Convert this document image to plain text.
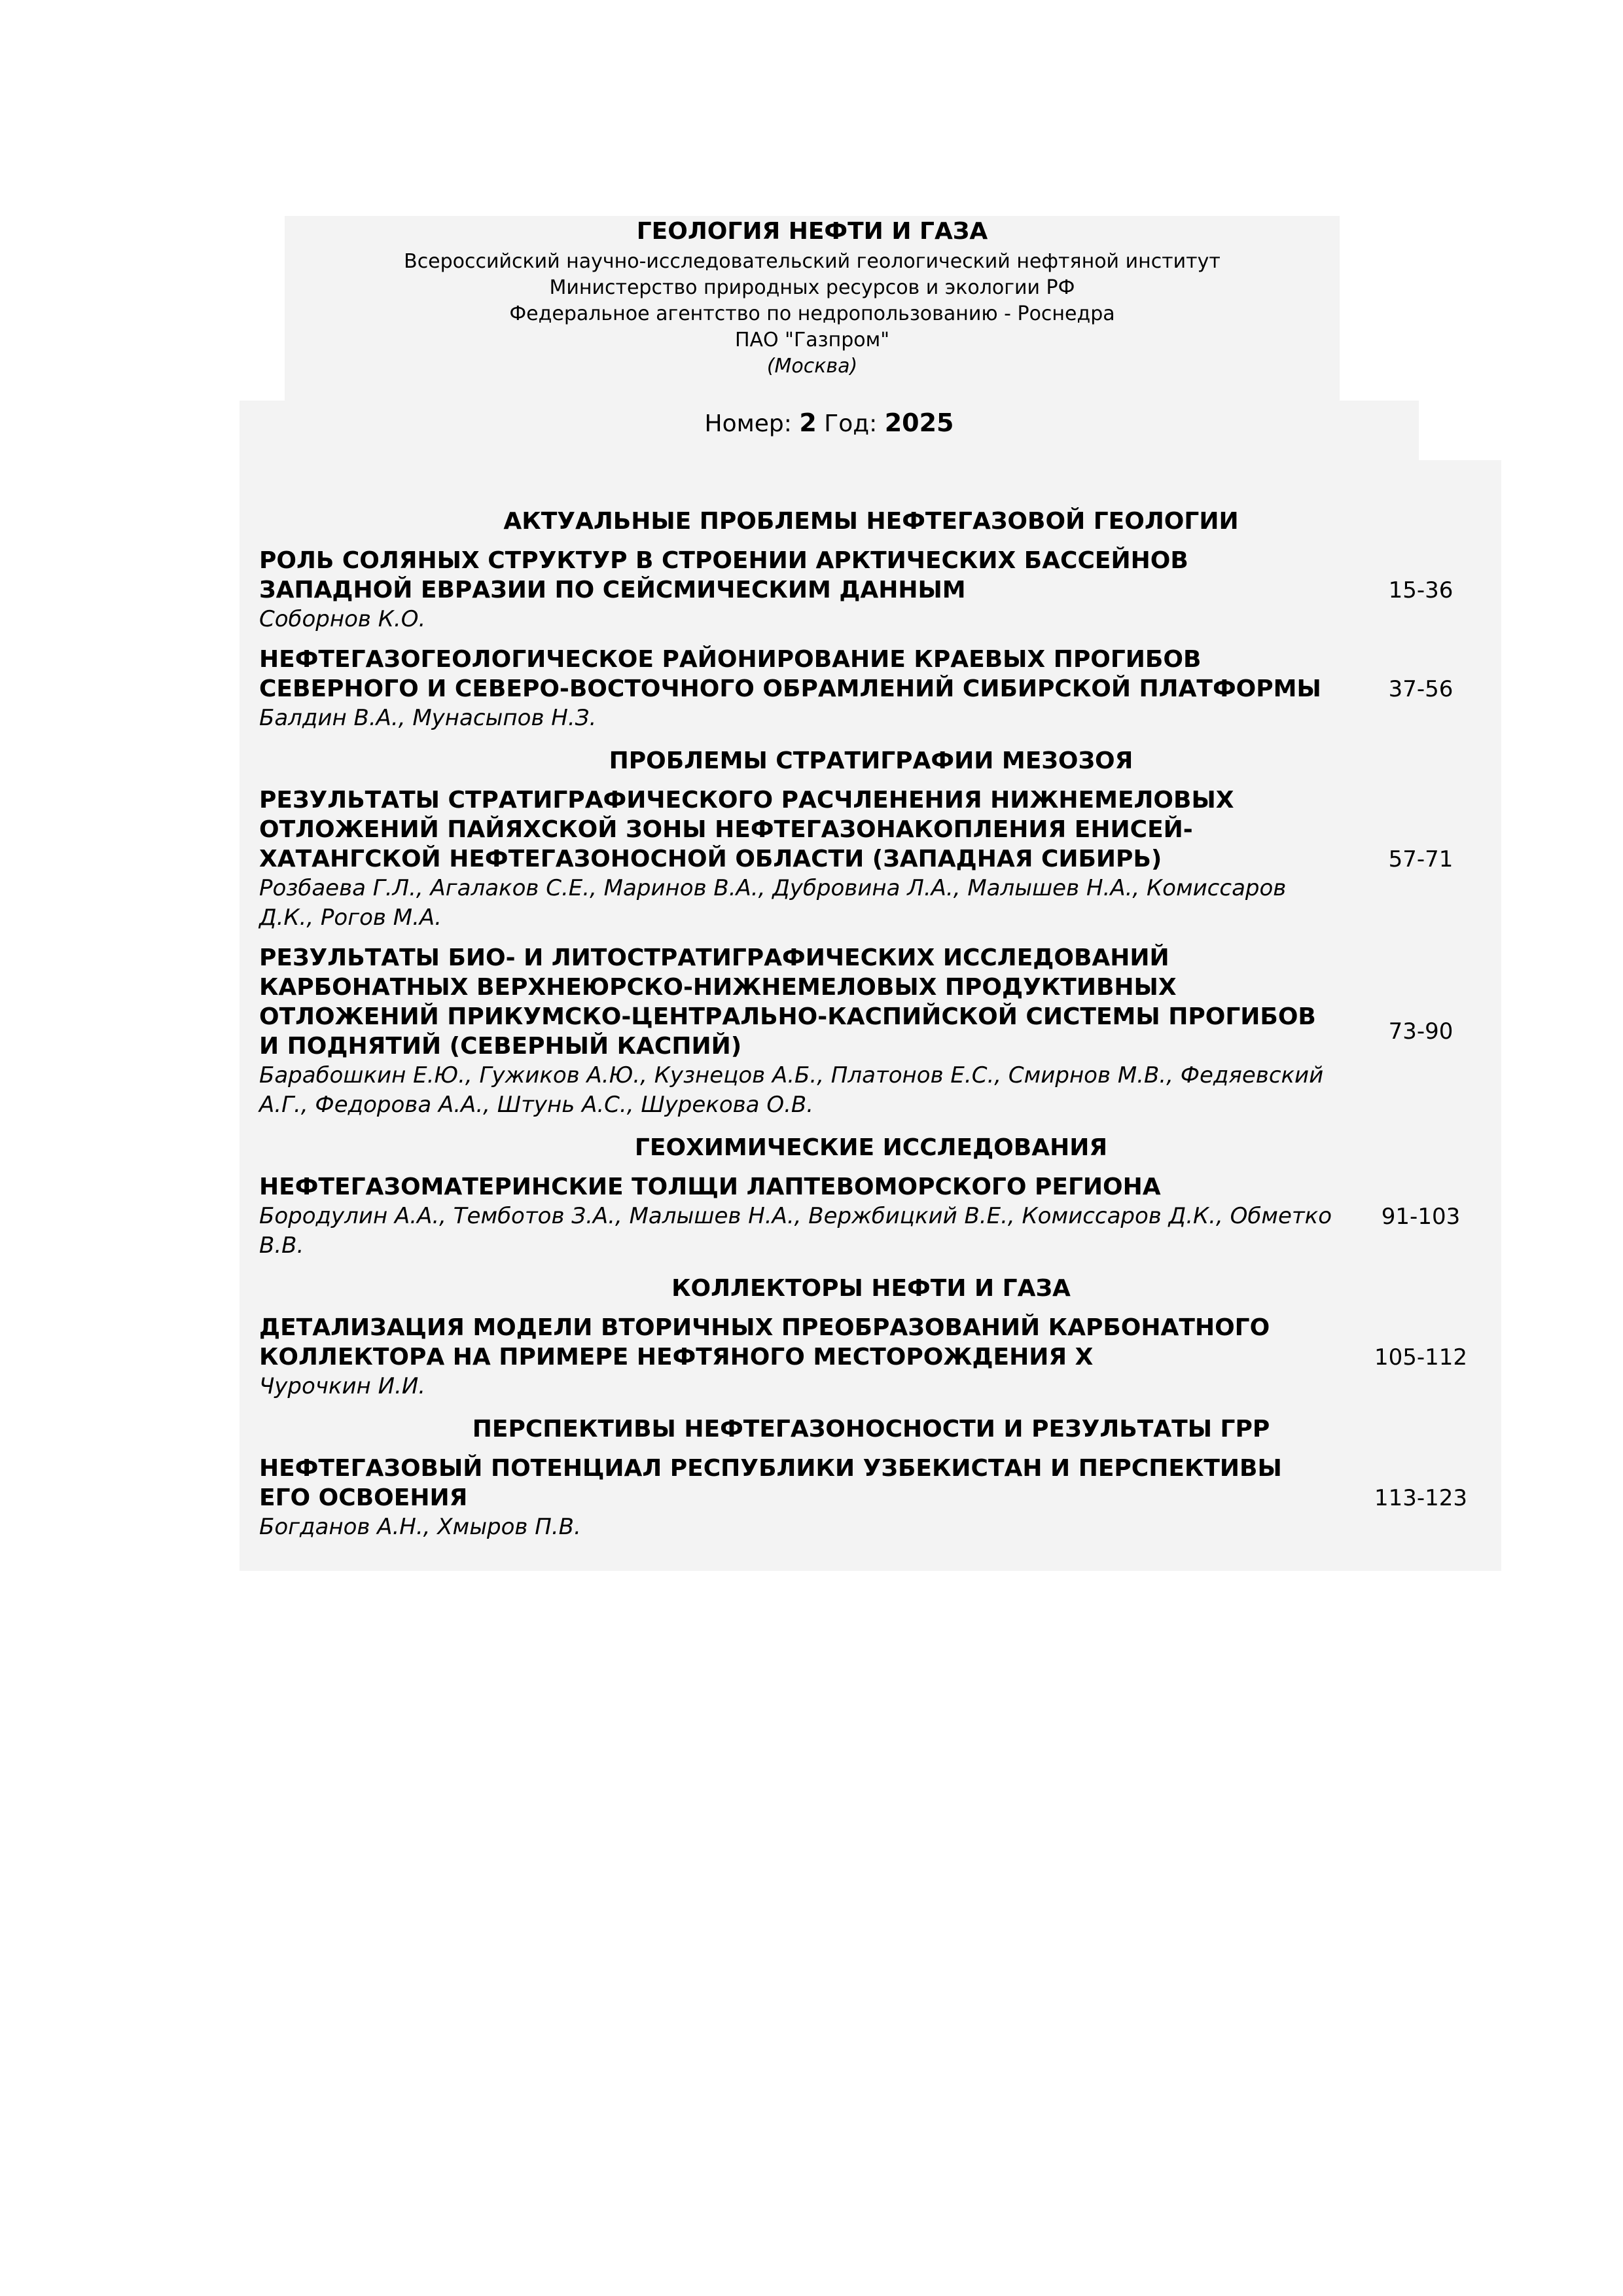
ГЕОЛОГИЯ НЕФТИ И ГАЗА
Всероссийский научно-исследовательский геологический нефтяной институт
Министерство природных ресурсов и экологии РФ
Федеральное агентство по недропользованию - Роснедра
ПАО "Газпром"
(Москва)
Номер: 2 Год: 2025
АКТУАЛЬНЫЕ ПРОБЛЕМЫ НЕФТЕГАЗОВОЙ ГЕОЛОГИИ
РОЛЬ СОЛЯНЫХ СТРУКТУР В СТРОЕНИИ АРКТИЧЕСКИХ БАССЕЙНОВ ЗАПАДНОЙ ЕВРАЗИИ ПО СЕЙСМИЧЕСКИМ ДАННЫМ
Соборнов К.О.
15-36
НЕФТЕГАЗОГЕОЛОГИЧЕСКОЕ РАЙОНИРОВАНИЕ КРАЕВЫХ ПРОГИБОВ СЕВЕРНОГО И СЕВЕРО-ВОСТОЧНОГО ОБРАМЛЕНИЙ СИБИРСКОЙ ПЛАТФОРМЫ
Балдин В.А., Мунасыпов Н.З.
37-56
ПРОБЛЕМЫ СТРАТИГРАФИИ МЕЗОЗОЯ
РЕЗУЛЬТАТЫ СТРАТИГРАФИЧЕСКОГО РАСЧЛЕНЕНИЯ НИЖНЕМЕЛОВЫХ ОТЛОЖЕНИЙ ПАЙЯХСКОЙ ЗОНЫ НЕФТЕГАЗОНАКОПЛЕНИЯ ЕНИСЕЙ-ХАТАНГСКОЙ НЕФТЕГАЗОНОСНОЙ ОБЛАСТИ (ЗАПАДНАЯ СИБИРЬ)
Розбаева Г.Л., Агалаков С.Е., Маринов В.А., Дубровина Л.А., Малышев Н.А., Комиссаров Д.К., Рогов М.А.
57-71
РЕЗУЛЬТАТЫ БИО- И ЛИТОСТРАТИГРАФИЧЕСКИХ ИССЛЕДОВАНИЙ КАРБОНАТНЫХ ВЕРХНЕЮРСКО-НИЖНЕМЕЛОВЫХ ПРОДУКТИВНЫХ ОТЛОЖЕНИЙ ПРИКУМСКО-ЦЕНТРАЛЬНО-КАСПИЙСКОЙ СИСТЕМЫ ПРОГИБОВ И ПОДНЯТИЙ (СЕВЕРНЫЙ КАСПИЙ)
Барабошкин Е.Ю., Гужиков А.Ю., Кузнецов А.Б., Платонов Е.С., Смирнов М.В., Федяевский А.Г., Федорова А.А., Штунь А.С., Шурекова О.В.
73-90
ГЕОХИМИЧЕСКИЕ ИССЛЕДОВАНИЯ
НЕФТЕГАЗОМАТЕРИНСКИЕ ТОЛЩИ ЛАПТЕВОМОРСКОГО РЕГИОНА
Бородулин А.А., Темботов З.А., Малышев Н.А., Вержбицкий В.Е., Комиссаров Д.К., Обметко В.В.
91-103
КОЛЛЕКТОРЫ НЕФТИ И ГАЗА
ДЕТАЛИЗАЦИЯ МОДЕЛИ ВТОРИЧНЫХ ПРЕОБРАЗОВАНИЙ КАРБОНАТНОГО КОЛЛЕКТОРА НА ПРИМЕРЕ НЕФТЯНОГО МЕСТОРОЖДЕНИЯ Х
Чурочкин И.И.
105-112
ПЕРСПЕКТИВЫ НЕФТЕГАЗОНОСНОСТИ И РЕЗУЛЬТАТЫ ГРР
НЕФТЕГАЗОВЫЙ ПОТЕНЦИАЛ РЕСПУБЛИКИ УЗБЕКИСТАН И ПЕРСПЕКТИВЫ ЕГО ОСВОЕНИЯ
Богданов А.Н., Хмыров П.В.
113-123
